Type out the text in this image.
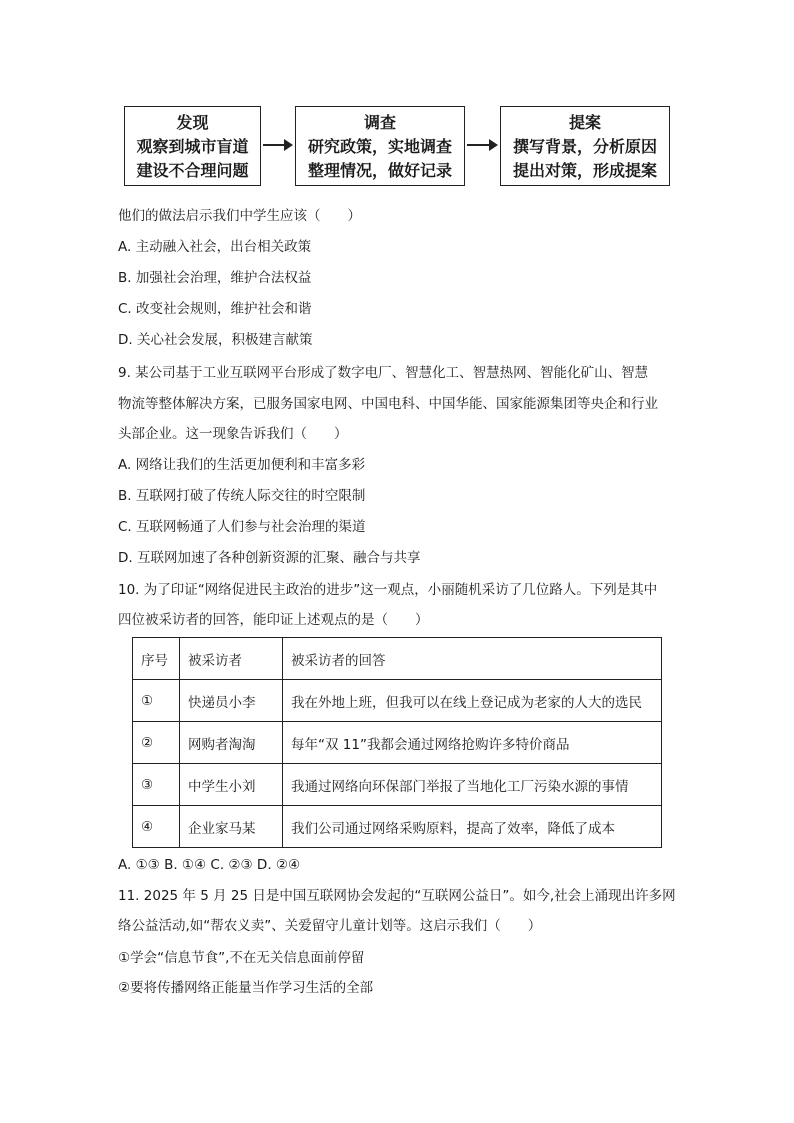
发现
观察到城市盲道
建设不合理问题
调查
研究政策，实地调查
整理情况，做好记录
提案
撰写背景，分析原因
提出对策，形成提案
他们的做法启示我们中学生应该（　　）
A. 主动融入社会，出台相关政策
B. 加强社会治理，维护合法权益
C. 改变社会规则，维护社会和谐
D. 关心社会发展，积极建言献策
9. 某公司基于工业互联网平台形成了数字电厂、智慧化工、智慧热网、智能化矿山、智慧
物流等整体解决方案，已服务国家电网、中国电科、中国华能、国家能源集团等央企和行业
头部企业。这一现象告诉我们（　　）
A. 网络让我们的生活更加便利和丰富多彩
B. 互联网打破了传统人际交往的时空限制
C. 互联网畅通了人们参与社会治理的渠道
D. 互联网加速了各种创新资源的汇聚、融合与共享
10. 为了印证“网络促进民主政治的进步”这一观点，小丽随机采访了几位路人。下列是其中
四位被采访者的回答，能印证上述观点的是（　　）
序号	被采访者	被采访者的回答
①	快递员小李	我在外地上班，但我可以在线上登记成为老家的人大的选民
②	网购者淘淘	每年“双 11”我都会通过网络抢购许多特价商品
③	中学生小刘	我通过网络向环保部门举报了当地化工厂污染水源的事情
④	企业家马某	我们公司通过网络采购原料，提高了效率，降低了成本
A. ①③ B. ①④ C. ②③ D. ②④
11. 2025 年 5 月 25 日是中国互联网协会发起的“互联网公益日”。如今,社会上涌现出许多网
络公益活动,如“帮农义卖”、关爱留守儿童计划等。这启示我们（　　）
①学会“信息节食”,不在无关信息面前停留
②要将传播网络正能量当作学习生活的全部
